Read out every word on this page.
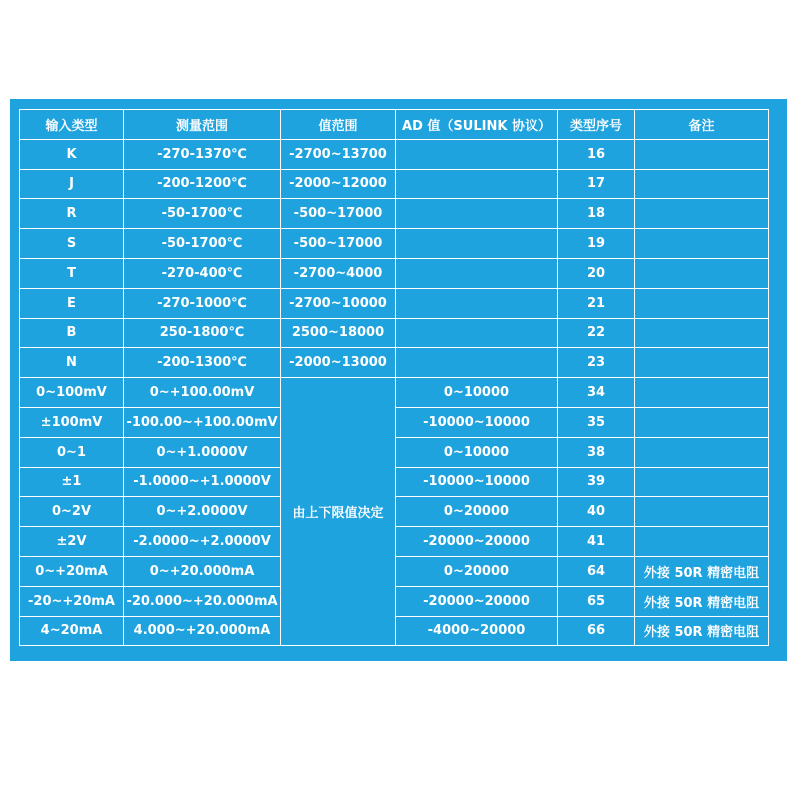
输入类型	测量范围	值范围	AD 值（SULINK 协议）	类型序号	备注
K	-270-1370℃	-2700~13700		16	
J	-200-1200℃	-2000~12000		17	
R	-50-1700℃	-500~17000		18	
S	-50-1700℃	-500~17000		19	
T	-270-400℃	-2700~4000		20	
E	-270-1000℃	-2700~10000		21	
B	250-1800℃	2500~18000		22	
N	-200-1300℃	-2000~13000		23	
0~100mV	0~+100.00mV	由上下限值决定	0~10000	34	
±100mV	-100.00~+100.00mV		-10000~10000	35	
0~1	0~+1.0000V		0~10000	38	
±1	-1.0000~+1.0000V		-10000~10000	39	
0~2V	0~+2.0000V		0~20000	40	
±2V	-2.0000~+2.0000V		-20000~20000	41	
0~+20mA	0~+20.000mA		0~20000	64	外接 50R 精密电阻
-20~+20mA	-20.000~+20.000mA		-20000~20000	65	外接 50R 精密电阻
4~20mA	4.000~+20.000mA		-4000~20000	66	外接 50R 精密电阻
